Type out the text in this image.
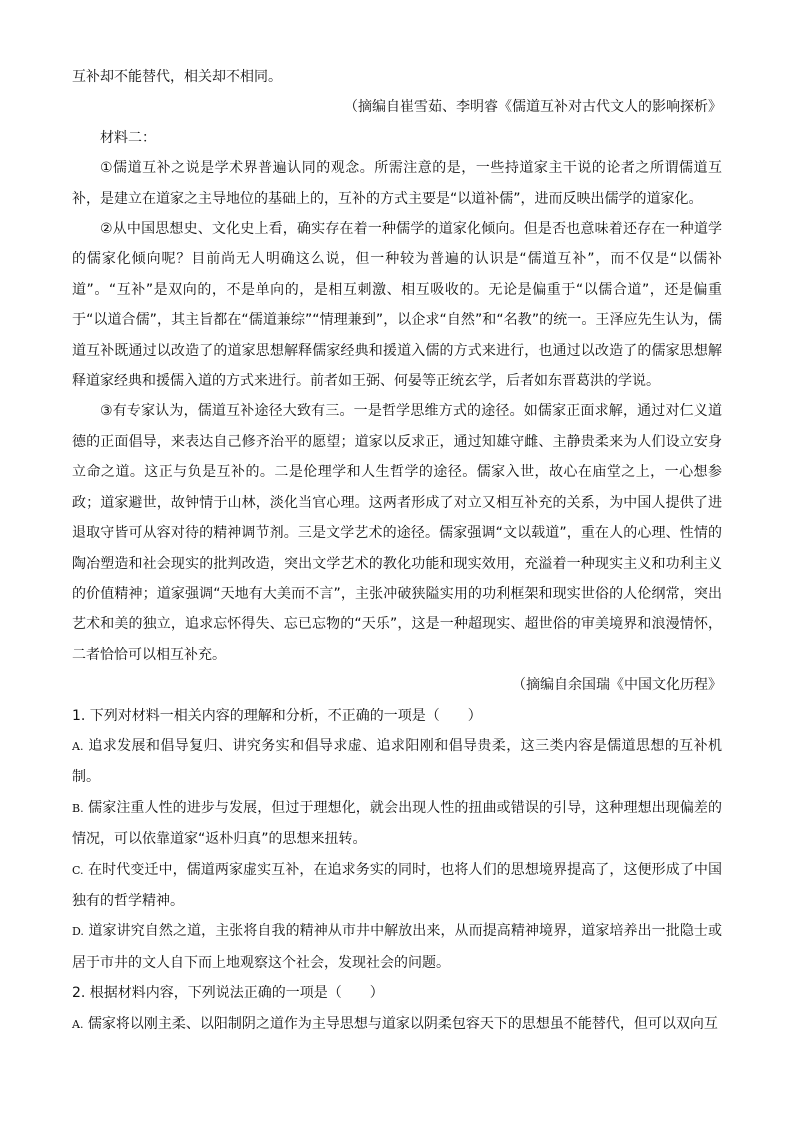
互补却不能替代，相关却不相同。

（摘编自崔雪茹、李明睿《儒道互补对古代文人的影响探析》

材料二：

①儒道互补之说是学术界普遍认同的观念。所需注意的是，一些持道家主干说的论者之所谓儒道互补，是建立在道家之主导地位的基础上的，互补的方式主要是“以道补儒”，进而反映出儒学的道家化。

②从中国思想史、文化史上看，确实存在着一种儒学的道家化倾向。但是否也意味着还存在一种道学的儒家化倾向呢？目前尚无人明确这么说，但一种较为普遍的认识是“儒道互补”，而不仅是“以儒补道”。“互补”是双向的，不是单向的，是相互刺激、相互吸收的。无论是偏重于“以儒合道”，还是偏重于“以道合儒”，其主旨都在“儒道兼综”“情理兼到”，以企求“自然”和“名教”的统一。王泽应先生认为，儒道互补既通过以改造了的道家思想解释儒家经典和援道入儒的方式来进行，也通过以改造了的儒家思想解释道家经典和援儒入道的方式来进行。前者如王弼、何晏等正统玄学，后者如东晋葛洪的学说。

③有专家认为，儒道互补途径大致有三。一是哲学思维方式的途径。如儒家正面求解，通过对仁义道德的正面倡导，来表达自己修齐治平的愿望；道家以反求正，通过知雄守雌、主静贵柔来为人们设立安身立命之道。这正与负是互补的。二是伦理学和人生哲学的途径。儒家入世，故心在庙堂之上，一心想参政；道家避世，故钟情于山林，淡化当官心理。这两者形成了对立又相互补充的关系，为中国人提供了进退取守皆可从容对待的精神调节剂。三是文学艺术的途径。儒家强调“文以载道”，重在人的心理、性情的陶冶塑造和社会现实的批判改造，突出文学艺术的教化功能和现实效用，充溢着一种现实主义和功利主义的价值精神；道家强调“天地有大美而不言”，主张冲破狭隘实用的功利框架和现实世俗的人伦纲常，突出艺术和美的独立，追求忘怀得失、忘已忘物的“天乐”，这是一种超现实、超世俗的审美境界和浪漫情怀，二者恰恰可以相互补充。

（摘编自余国瑞《中国文化历程》

1. 下列对材料一相关内容的理解和分析，不正确的一项是（　　）

A. 追求发展和倡导复归、讲究务实和倡导求虚、追求阳刚和倡导贵柔，这三类内容是儒道思想的互补机制。

B. 儒家注重人性的进步与发展，但过于理想化，就会出现人性的扭曲或错误的引导，这种理想出现偏差的情况，可以依靠道家“返朴归真”的思想来扭转。

C. 在时代变迁中，儒道两家虚实互补，在追求务实的同时，也将人们的思想境界提高了，这便形成了中国独有的哲学精神。

D. 道家讲究自然之道，主张将自我的精神从市井中解放出来，从而提高精神境界，道家培养出一批隐士或居于市井的文人自下而上地观察这个社会，发现社会的问题。

2. 根据材料内容，下列说法正确的一项是（　　）

A. 儒家将以刚主柔、以阳制阴之道作为主导思想与道家以阴柔包容天下的思想虽不能替代，但可以双向互
